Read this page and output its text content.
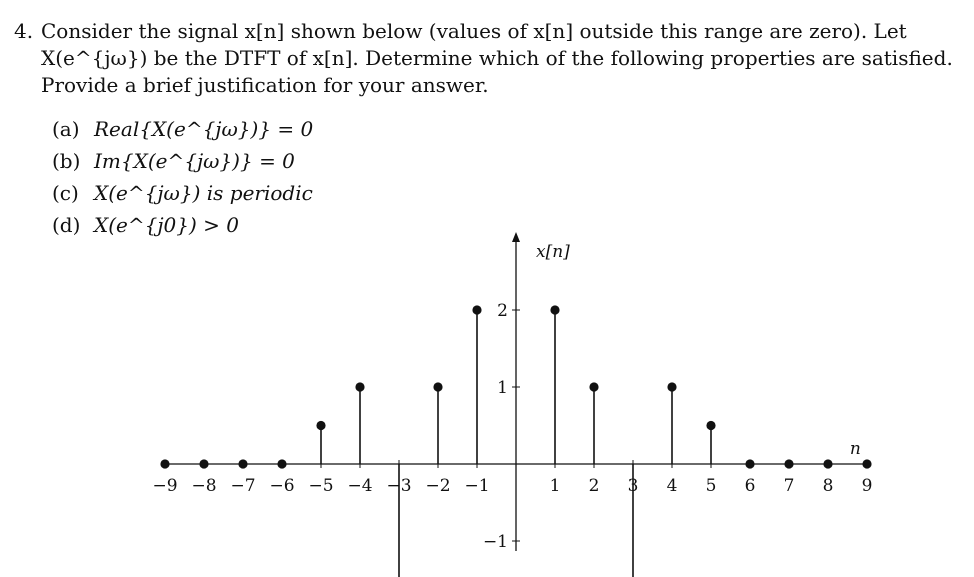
4. Consider the signal x[n] shown below (values of x[n] outside this range are zero). Let X(e^{jω}) be the DTFT of x[n]. Determine which of the following properties are satisfied. Provide a brief justification for your answer.
(a) Real{X(e^{jω})} = 0
(b) Im{X(e^{jω})} = 0
(c) X(e^{jω}) is periodic
(d) X(e^{j0}) > 0
2
1
−1
−9 −8 −7 −6 −5 −4 −3 −2 −1	1 2 3 4 5 6 7 8 9
x[n]
n
